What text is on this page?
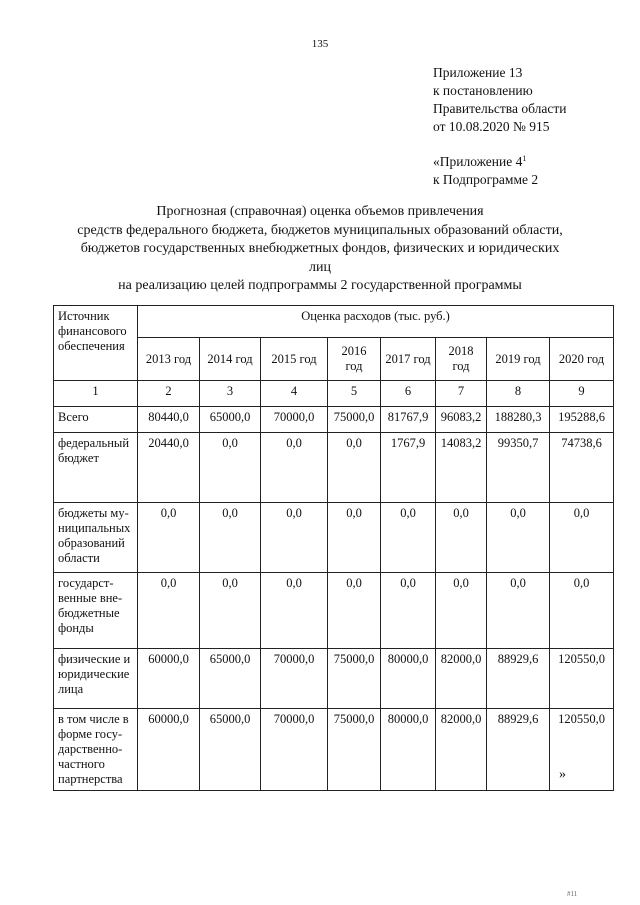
135
Приложение 13
к постановлению
Правительства области
от 10.08.2020 № 915
«Приложение $4^1$
к Подпрограмме 2
Прогнозная (справочная) оценка объемов привлечения
средств федерального бюджета, бюджетов муниципальных образований области,
бюджетов государственных внебюджетных фондов, физических и юридических
лиц
на реализацию целей подпрограммы 2 государственной программы
Источник финансового обеспечения	Оценка расходов (тыс. руб.)							
	2013 год	2014 год	2015 год	2016 год	2017 год	2018 год	2019 год	2020 год
1	2	3	4	5	6	7	8	9
Всего	80440,0	65000,0	70000,0	75000,0	81767,9	96083,2	188280,3	195288,6
федеральный бюджет	20440,0	0,0	0,0	0,0	1767,9	14083,2	99350,7	74738,6
бюджеты му-ниципальных образований области	0,0	0,0	0,0	0,0	0,0	0,0	0,0	0,0
государст-венные вне-бюджетные фонды	0,0	0,0	0,0	0,0	0,0	0,0	0,0	0,0
физические и юридические лица	60000,0	65000,0	70000,0	75000,0	80000,0	82000,0	88929,6	120550,0
в том числе в форме госу-дарственно-частного партнерства	60000,0	65000,0	70000,0	75000,0	80000,0	82000,0	88929,6	120550,0
»
#11
